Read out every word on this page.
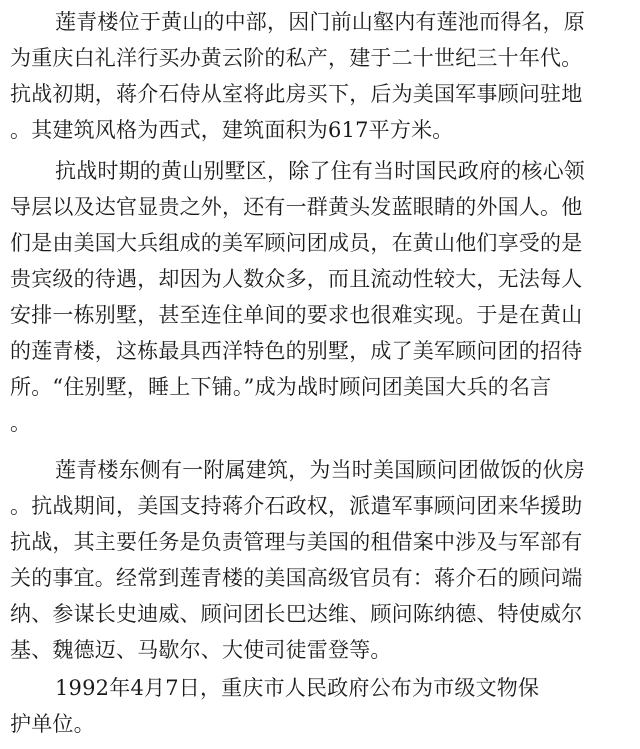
莲青楼位于黄山的中部，因门前山壑内有莲池而得名，原
为重庆白礼洋行买办黄云阶的私产，建于二十世纪三十年代。
抗战初期，蒋介石侍从室将此房买下，后为美国军事顾问驻地
。其建筑风格为西式，建筑面积为617平方米。
抗战时期的黄山别墅区，除了住有当时国民政府的核心领
导层以及达官显贵之外，还有一群黄头发蓝眼睛的外国人。他
们是由美国大兵组成的美军顾问团成员，在黄山他们享受的是
贵宾级的待遇，却因为人数众多，而且流动性较大，无法每人
安排一栋别墅，甚至连住单间的要求也很难实现。于是在黄山
的莲青楼，这栋最具西洋特色的别墅，成了美军顾问团的招待
所。“住别墅，睡上下铺。”成为战时顾问团美国大兵的名言
。
莲青楼东侧有一附属建筑，为当时美国顾问团做饭的伙房
。抗战期间，美国支持蒋介石政权，派遣军事顾问团来华援助
抗战，其主要任务是负责管理与美国的租借案中涉及与军部有
关的事宜。经常到莲青楼的美国高级官员有：蒋介石的顾问端
纳、参谋长史迪威、顾问团长巴达维、顾问陈纳德、特使威尔
基、魏德迈、马歇尔、大使司徒雷登等。
1992年4月7日，重庆市人民政府公布为市级文物保
护单位。
